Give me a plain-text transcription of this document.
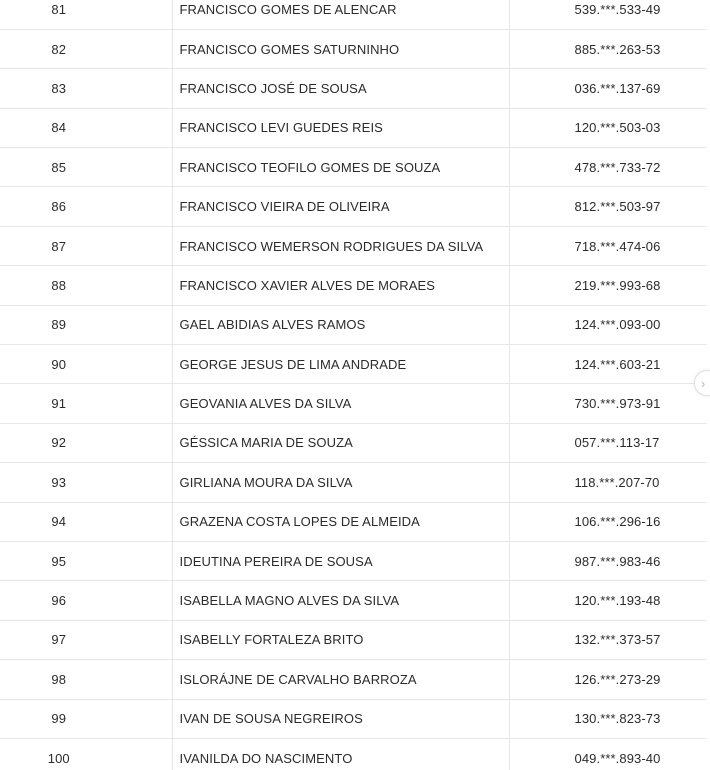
81	FRANCISCO GOMES DE ALENCAR	539.***.533-49
82	FRANCISCO GOMES SATURNINHO	885.***.263-53
83	FRANCISCO JOSÉ DE SOUSA	036.***.137-69
84	FRANCISCO LEVI GUEDES REIS	120.***.503-03
85	FRANCISCO TEOFILO GOMES DE SOUZA	478.***.733-72
86	FRANCISCO VIEIRA DE OLIVEIRA	812.***.503-97
87	FRANCISCO WEMERSON RODRIGUES DA SILVA	718.***.474-06
88	FRANCISCO XAVIER ALVES DE MORAES	219.***.993-68
89	GAEL ABIDIAS ALVES RAMOS	124.***.093-00
90	GEORGE JESUS DE LIMA ANDRADE	124.***.603-21
91	GEOVANIA ALVES DA SILVA	730.***.973-91
92	GÉSSICA MARIA DE SOUZA	057.***.113-17
93	GIRLIANA MOURA DA SILVA	118.***.207-70
94	GRAZENA COSTA LOPES DE ALMEIDA	106.***.296-16
95	IDEUTINA PEREIRA DE SOUSA	987.***.983-46
96	ISABELLA MAGNO ALVES DA SILVA	120.***.193-48
97	ISABELLY FORTALEZA BRITO	132.***.373-57
98	ISLORÁJNE DE CARVALHO BARROZA	126.***.273-29
99	IVAN DE SOUSA NEGREIROS	130.***.823-73
100	IVANILDA DO NASCIMENTO	049.***.893-40
›
